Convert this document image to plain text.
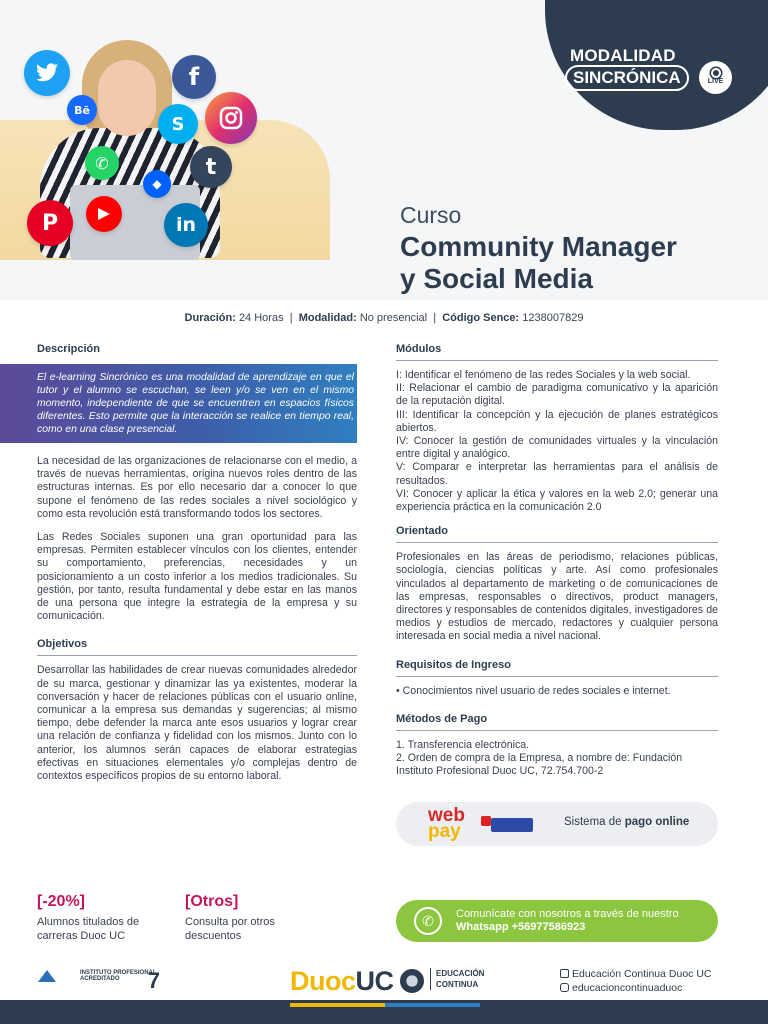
Bē
f
S
✆
◆
t
P	in
MODALIDAD
SINCRÓNICA	LIVE
Curso
Community Manager
y Social Media
Duración: 24 Horas | Modalidad: No presencial | Código Sence: 1238007829
Descripción
El e-learning Sincrónico es una modalidad de aprendizaje en que el tutor y el alumno se escuchan, se leen y/o se ven en el mismo momento, independiente de que se encuentren en espacios físicos diferentes. Esto permite que la interacción se realice en tiempo real, como en una clase presencial.
La necesidad de las organizaciones de relacionarse con el medio, a través de nuevas herramientas, origina nuevos roles dentro de las estructuras internas. Es por ello necesario dar a conocer lo que supone el fenómeno de las redes sociales a nivel sociológico y como esta revolución está transformando todos los sectores.
Las Redes Sociales suponen una gran oportunidad para las empresas. Permiten establecer vínculos con los clientes, entender su comportamiento, preferencias, necesidades y un posicionamiento a un costo inferior a los medios tradicionales. Su gestión, por tanto, resulta fundamental y debe estar en las manos de una persona que integre la estrategia de la empresa y su comunicación.
Objetivos
Desarrollar las habilidades de crear nuevas comunidades alrededor de su marca, gestionar y dinamizar las ya existentes, moderar la conversación y hacer de relaciones públicas con el usuario online, comunicar a la empresa sus demandas y sugerencias; al mismo tiempo, debe defender la marca ante esos usuarios y lograr crear una relación de confianza y fidelidad con los mismos. Junto con lo anterior, los alumnos serán capaces de elaborar estrategias efectivas en situaciones elementales y/o complejas dentro de contextos específicos propios de su entorno laboral.
Módulos
I: Identificar el fenómeno de las redes Sociales y la web social.
II: Relacionar el cambio de paradigma comunicativo y la aparición de la reputación digital.
III: Identificar la concepción y la ejecución de planes estratégicos abiertos.
IV: Conocer la gestión de comunidades virtuales y la vinculación entre digital y analógico.
V: Comparar e interpretar las herramientas para el análisis de resultados.
VI: Conocer y aplicar la ética y valores en la web 2.0; generar una experiencia práctica en la comunicación 2.0
Orientado
Profesionales en las áreas de periodismo, relaciones públicas, sociología, ciencias políticas y arte. Así como profesionales vinculados al departamento de marketing o de comunicaciones de las empresas, responsables o directivos, product managers, directores y responsables de contenidos digitales, investigadores de medios y estudios de mercado, redactores y cualquier persona interesada en social media a nivel nacional.
Requisitos de Ingreso
• Conocimientos nivel usuario de redes sociales e internet.
Métodos de Pago
1. Transferencia electrónica.
2. Orden de compra de la Empresa, a nombre de: Fundación Instituto Profesional Duoc UC, 72.754.700-2
web
pay	Sistema de pago online
[-20%]
Alumnos titulados de carreras Duoc UC
[Otros]
Consulta por otros descuentos
✆	Comunícate con nosotros a través de nuestro
Whatsapp +56977586923
INSTITUTO PROFESIONAL ACREDITADO 7	DuocUC	EDUCACIÓN
CONTINUA
Educación Continua Duoc UC
educacioncontinuaduoc
